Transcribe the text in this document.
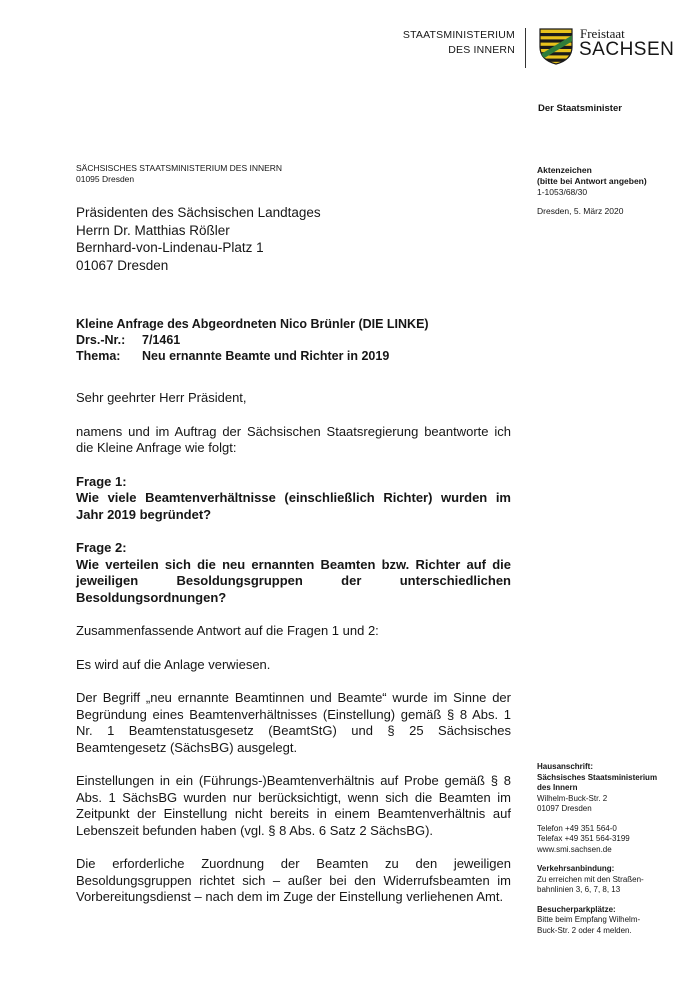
STAATSMINISTERIUM
DES INNERN
Freistaat
SACHSEN
Der Staatsminister
SÄCHSISCHES STAATSMINISTERIUM DES INNERN
01095 Dresden
Aktenzeichen
(bitte bei Antwort angeben)
1-1053/68/30
Dresden, 5. März 2020
Präsidenten des Sächsischen Landtages
Herrn Dr. Matthias Rößler
Bernhard-von-Lindenau-Platz 1
01067 Dresden
Kleine Anfrage des Abgeordneten Nico Brünler (DIE LINKE)
Drs.-Nr.: 7/1461
Thema: Neu ernannte Beamte und Richter in 2019

Sehr geehrter Herr Präsident,

namens und im Auftrag der Sächsischen Staatsregierung beantworte ich die Kleine Anfrage wie folgt:

Frage 1:

Wie viele Beamtenverhältnisse (einschließlich Richter) wurden im Jahr 2019 begründet?

Frage 2:

Wie verteilen sich die neu ernannten Beamten bzw. Richter auf die jeweiligen Besoldungsgruppen der unterschiedlichen Besoldungsordnungen?

Zusammenfassende Antwort auf die Fragen 1 und 2:

Es wird auf die Anlage verwiesen.

Der Begriff „neu ernannte Beamtinnen und Beamte“ wurde im Sinne der Begründung eines Beamtenverhältnisses (Einstellung) gemäß § 8 Abs. 1 Nr. 1 Beamtenstatusgesetz (BeamtStG) und § 25 Sächsisches Beamtengesetz (SächsBG) ausgelegt.

Einstellungen in ein (Führungs-)Beamtenverhältnis auf Probe gemäß § 8 Abs. 1 SächsBG wurden nur berücksichtigt, wenn sich die Beamten im Zeitpunkt der Einstellung nicht bereits in einem Beamtenverhältnis auf Lebenszeit befunden haben (vgl. § 8 Abs. 6 Satz 2 SächsBG).

Die erforderliche Zuordnung der Beamten zu den jeweiligen Besoldungsgruppen richtet sich – außer bei den Widerrufsbeamten im Vorbereitungsdienst – nach dem im Zuge der Einstellung verliehenen Amt.

Hausanschrift:
Sächsisches Staatsministerium
des Innern
Wilhelm-Buck-Str. 2
01097 Dresden
Telefon +49 351 564-0
Telefax +49 351 564-3199
www.smi.sachsen.de
Verkehrsanbindung:
Zu erreichen mit den Straßen-
bahnlinien 3, 6, 7, 8, 13
Besucherparkplätze:
Bitte beim Empfang Wilhelm-
Buck-Str. 2 oder 4 melden.
